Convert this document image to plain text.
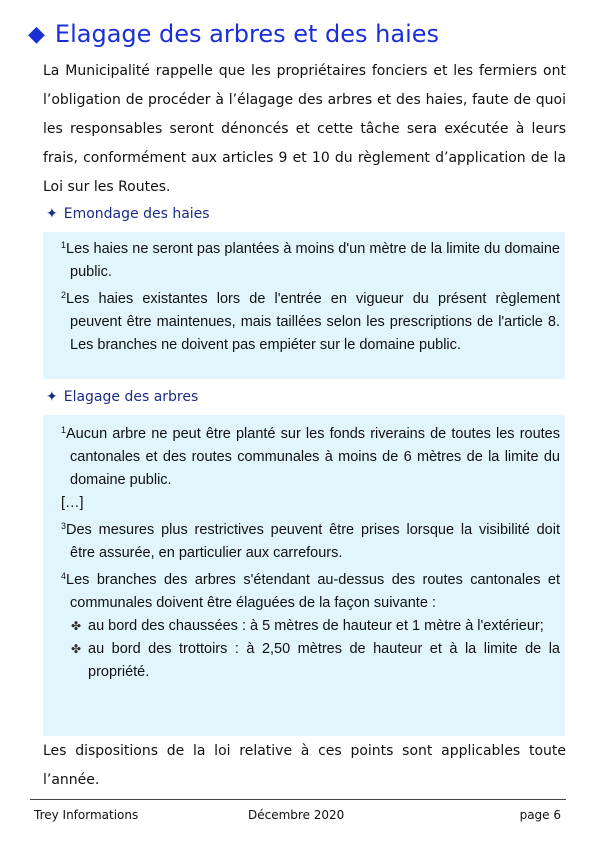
◆ Elagage des arbres et des haies
La Municipalité rappelle que les propriétaires fonciers et les fermiers ont l’obligation de procéder à l’élagage des arbres et des haies, faute de quoi les responsables seront dénoncés et cette tâche sera exécutée à leurs frais, conformément aux articles 9 et 10 du règlement d’application de la Loi sur les Routes.
✦ Emondage des haies
$^1$Les haies ne seront pas plantées à moins d'un mètre de la limite du domaine public.
$^2$Les haies existantes lors de l'entrée en vigueur du présent règlement peuvent être maintenues, mais taillées selon les prescriptions de l'article 8. Les branches ne doivent pas empiéter sur le domaine public.
✦ Elagage des arbres
$^1$Aucun arbre ne peut être planté sur les fonds riverains de toutes les routes cantonales et des routes communales à moins de 6 mètres de la limite du domaine public.
[…]
$^3$Des mesures plus restrictives peuvent être prises lorsque la visibilité doit être assurée, en particulier aux carrefours.
$^4$Les branches des arbres s'étendant au-dessus des routes cantonales et communales doivent être élaguées de la façon suivante :
✤ au bord des chaussées : à 5 mètres de hauteur et 1 mètre à l'extérieur;
✤ au bord des trottoirs : à 2,50 mètres de hauteur et à la limite de la propriété.
Les dispositions de la loi relative à ces points sont applicables toute l’année.
Trey Informations	Décembre 2020	page 6
